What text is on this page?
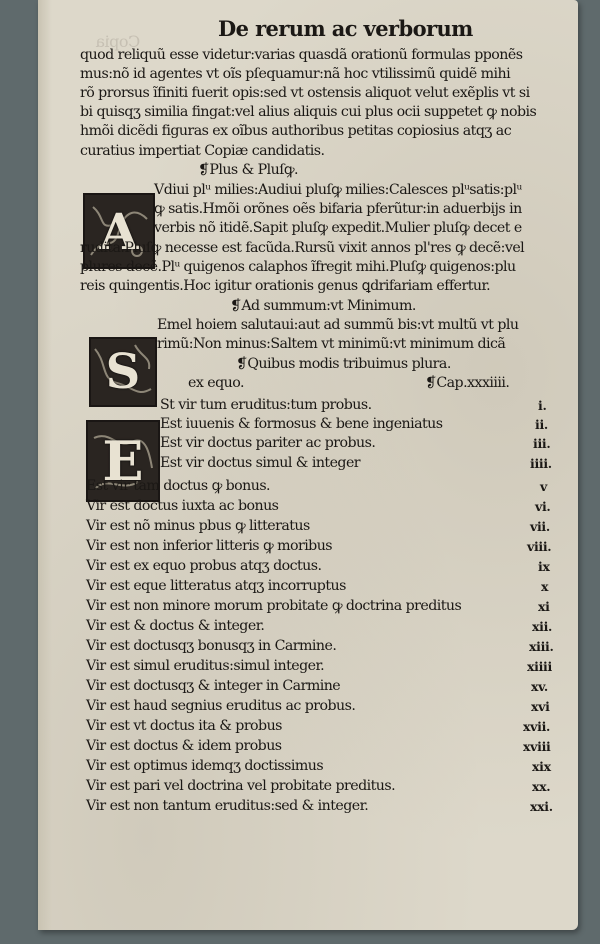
Copia
De rerum ac verborum
A
S
E
quod reliquũ esse videtur:varias quasdã orationũ formulas pponẽs
mus:nõ id agentes vt oĩs pſequamur:nã hoc vtilissimũ quidẽ mihi
rõ prorsus ĩfiniti fuerit opis:sed vt ostensis aliquot velut exẽplis vt si
bi quisqʒ similia fingat:vel alius aliquis cui plus ocii suppetet ꝙ nobis
hmõi dicẽdi figuras ex oĩbus authoribus petitas copiosius atqʒ ac
curatius impertiat Copiæ candidatis.
❡Plus & Pluſꝙ.
Vdiui plᵘ milies:Audiui pluſꝙ milies:Calesces plᵘsatis:plᵘ
ꝙ satis.Hmõi orõnes oẽs bifaria pferũtur:in aduerbijs in
verbis nõ itidẽ.Sapit pluſꝙ expedit.Mulier pluſꝙ decet e
rudita.Pluſꝙ necesse est facũda.Rursũ vixit annos pl'res ꝙ decẽ:vel
plures decẽ.Plᵘ quigenos calaphos ĩfregit mihi.Pluſꝙ quigenos:plu
reis quingentis.Hoc igitur orationis genus ꝗdrifariam effertur.
❡Ad summum:vt Minimum.
Emel hoiem salutaui:aut ad summũ bis:vt multũ vt plu
rimũ:Non minus:Saltem vt minimũ:vt minimum dicã
❡Quibus modis tribuimus plura.
ex equo.	❡Cap.xxxiiii.
St vir tum eruditus:tum probus.
Est iuuenis & formosus & bene ingeniatus
Est vir doctus pariter ac probus.
Est vir doctus simul & integer
Est vir tam doctus ꝙ bonus.
Vir est doctus iuxta ac bonus
Vir est nõ minus pbus ꝙ litteratus
Vir est non inferior litteris ꝙ moribus
Vir est ex equo probus atqʒ doctus.
Vir est eque litteratus atqʒ incorruptus
Vir est non minore morum probitate ꝙ doctrina preditus
Vir est & doctus & integer.
Vir est doctusqʒ bonusqʒ in Carmine.
Vir est simul eruditus:simul integer.
Vir est doctusqʒ & integer in Carmine
Vir est haud segnius eruditus ac probus.
Vir est vt doctus ita & probus
Vir est doctus & idem probus
Vir est optimus idemqʒ doctissimus
Vir est pari vel doctrina vel probitate preditus.
Vir est non tantum eruditus:sed & integer.
i.
ii.
iii.
iiii.
v
vi.
vii.
viii.
ix
x
xi
xii.
xiii.
xiiii
xv.
xvi
xvii.
xviii
xix
xx.
xxi.
